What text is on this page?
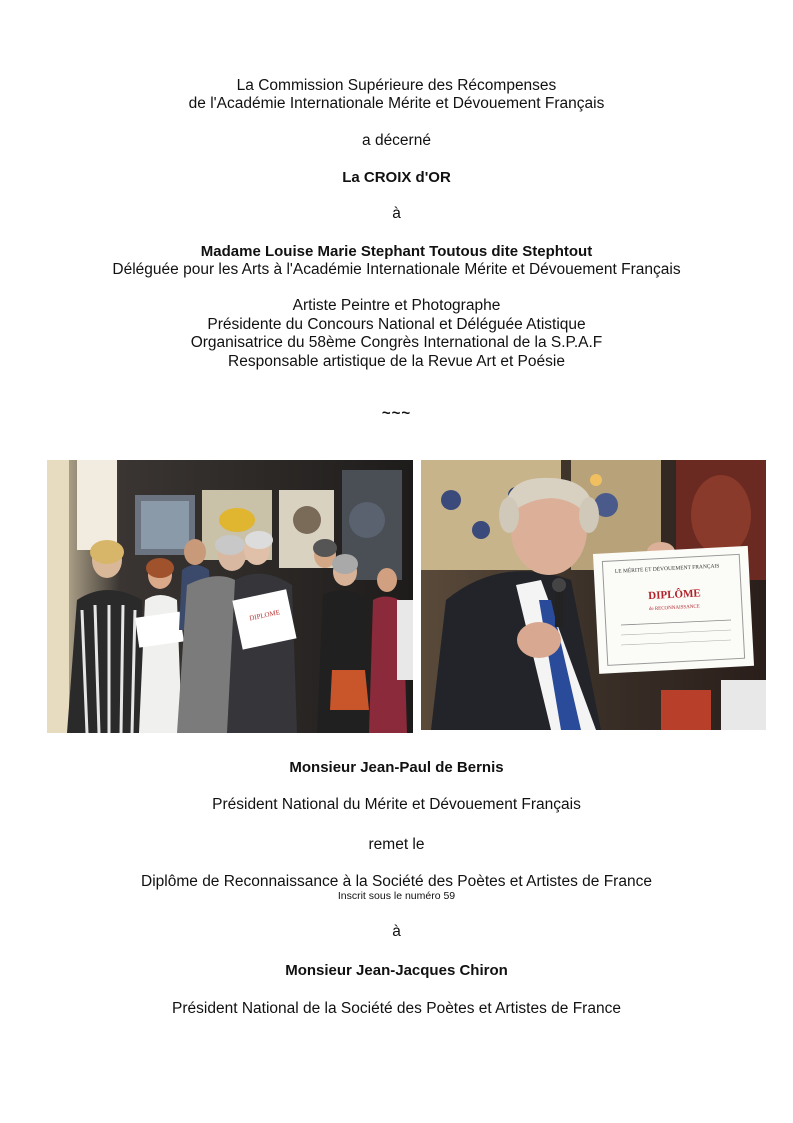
La Commission Supérieure des Récompenses
de l'Académie Internationale Mérite et Dévouement Français
a décerné
La CROIX d'OR
à
Madame Louise Marie Stephant Toutous dite Stephtout
Déléguée pour les Arts à l'Académie Internationale Mérite et Dévouement Français
Artiste Peintre et Photographe
Présidente du Concours National et Déléguée Atistique
Organisatrice du 58ème Congrès International de la S.P.A.F
Responsable artistique de la Revue Art et Poésie
~~~
DIPLOME
LE MÉRITE ET DÉVOUEMENT FRANÇAIS
DIPLÔME
de RECONNAISSANCE
Monsieur Jean-Paul de Bernis
Président National du Mérite et Dévouement Français
remet le
Diplôme de Reconnaissance à la Société des Poètes et Artistes de France
Inscrit sous le numéro 59
à
Monsieur Jean-Jacques Chiron
Président National de la Société des Poètes et Artistes de France
